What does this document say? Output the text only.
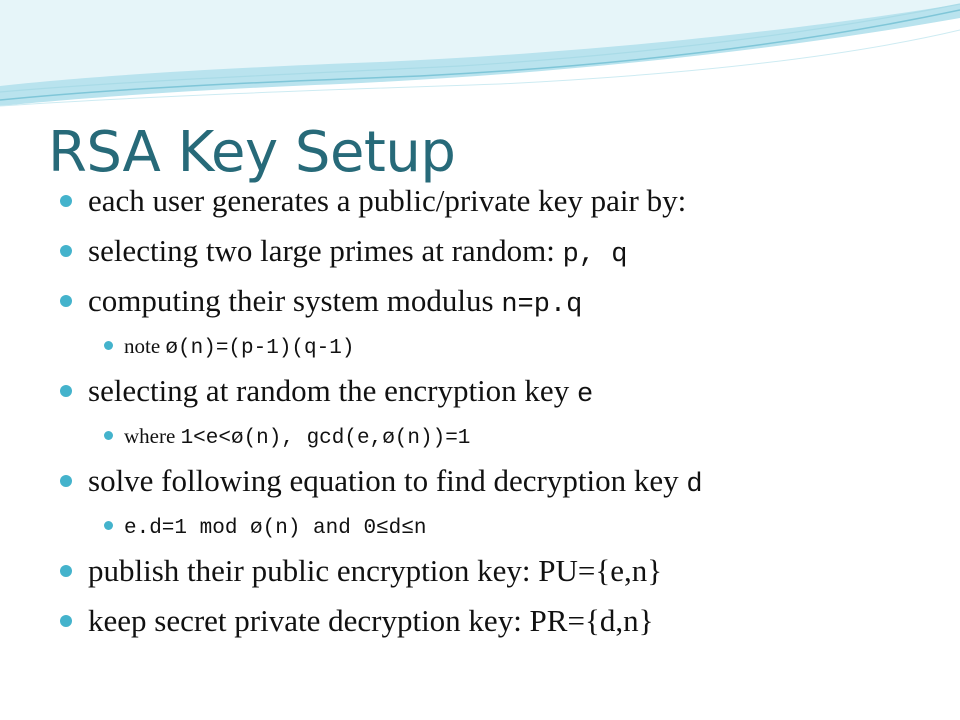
RSA Key Setup
each user generates a public/private key pair by:
selecting two large primes at random: p, q
computing their system modulus n=p.q
note ø(n)=(p-1)(q-1)
selecting at random the encryption key e
where 1<e<ø(n), gcd(e,ø(n))=1
solve following equation to find decryption key d
e.d=1 mod ø(n) and 0≤d≤n
publish their public encryption key: PU={e,n}
keep secret private decryption key: PR={d,n}
